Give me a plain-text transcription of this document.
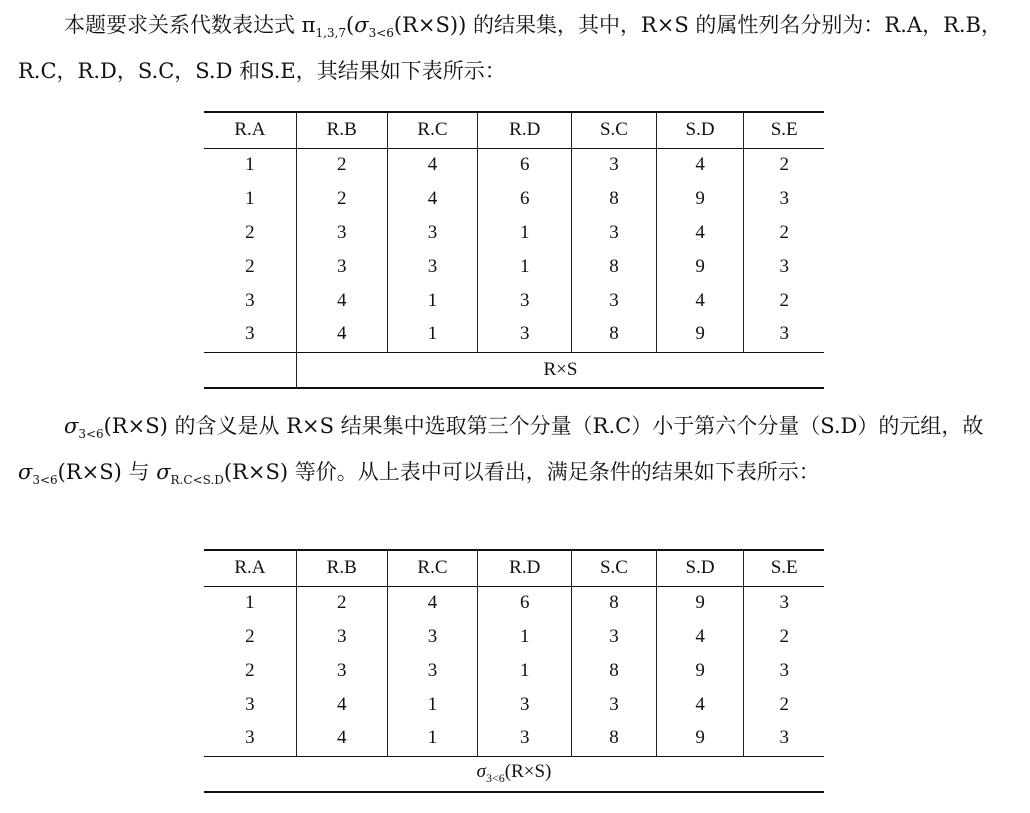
本题要求关系代数表达式 $\pi_{1,3,7}(\sigma_{3<6}(R\times S))$ 的结果集，其中，R×S 的属性列名分别为：R.A，R.B，R.C，R.D，S.C，S.D 和S.E，其结果如下表所示：

R.A	R.B	R.C	R.D	S.C	S.D	S.E
1	2	4	6	3	4	2
1	2	4	6	8	9	3
2	3	3	1	3	4	2
2	3	3	1	8	9	3
3	4	1	3	3	4	2
3	4	1	3	8	9	3
	R×S					

$\sigma_{3<6}(R\times S)$ 的含义是从 R×S 结果集中选取第三个分量（R.C）小于第六个分量（S.D）的元组，故 $\sigma_{3<6}(R\times S)$ 与 $\sigma_{R.C<S.D}(R\times S)$ 等价。从上表中可以看出，满足条件的结果如下表所示：

R.A	R.B	R.C	R.D	S.C	S.D	S.E
1	2	4	6	8	9	3
2	3	3	1	3	4	2
2	3	3	1	8	9	3
3	4	1	3	3	4	2
3	4	1	3	8	9	3
$\sigma_{3<6}(R\times S)$						
